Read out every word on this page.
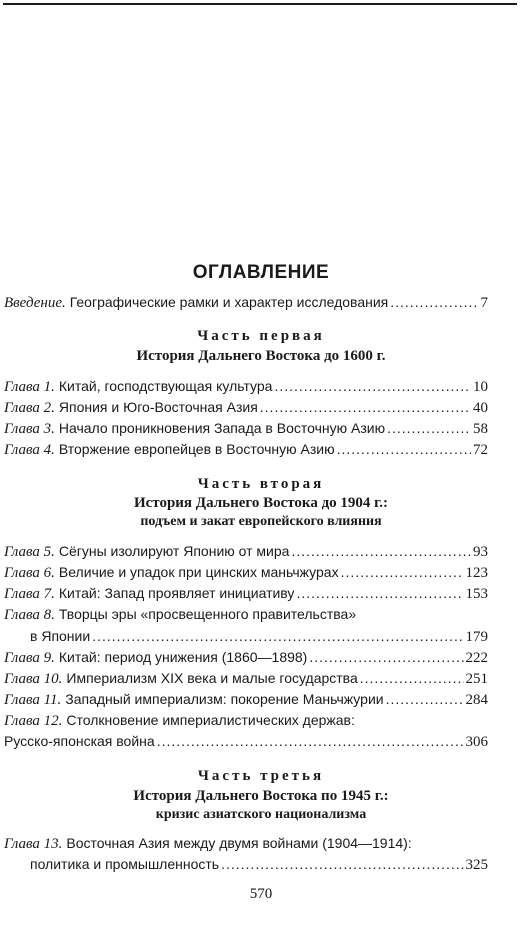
ОГЛАВЛЕНИЕ
Введение. Географические рамки и характер исследования .....	7
Часть первая
История Дальнего Востока до 1600 г.
Глава 1. Китай, господствующая культура .....	10
Глава 2. Япония и Юго-Восточная Азия .....	40
Глава 3. Начало проникновения Запада в Восточную Азию .....	58
Глава 4. Вторжение европейцев в Восточную Азию .....	72
Часть вторая
История Дальнего Востока до 1904 г.:
подъем и закат европейского влияния
Глава 5. Сёгуны изолируют Японию от мира .....	93
Глава 6. Величие и упадок при цинских маньчжурах .....	123
Глава 7. Китай: Запад проявляет инициативу .....	153
Глава 8. Творцы эры «просвещенного правительства»
в Японии .....	179
Глава 9. Китай: период унижения (1860—1898) .....	222
Глава 10. Империализм XIX века и малые государства .....	251
Глава 11. Западный империализм: покорение Маньчжурии .....	284
Глава 12. Столкновение империалистических держав:
Русско-японская война .....	306
Часть третья
История Дальнего Востока по 1945 г.:
кризис азиатского национализма
Глава 13. Восточная Азия между двумя войнами (1904—1914):
политика и промышленность .....	325
570
